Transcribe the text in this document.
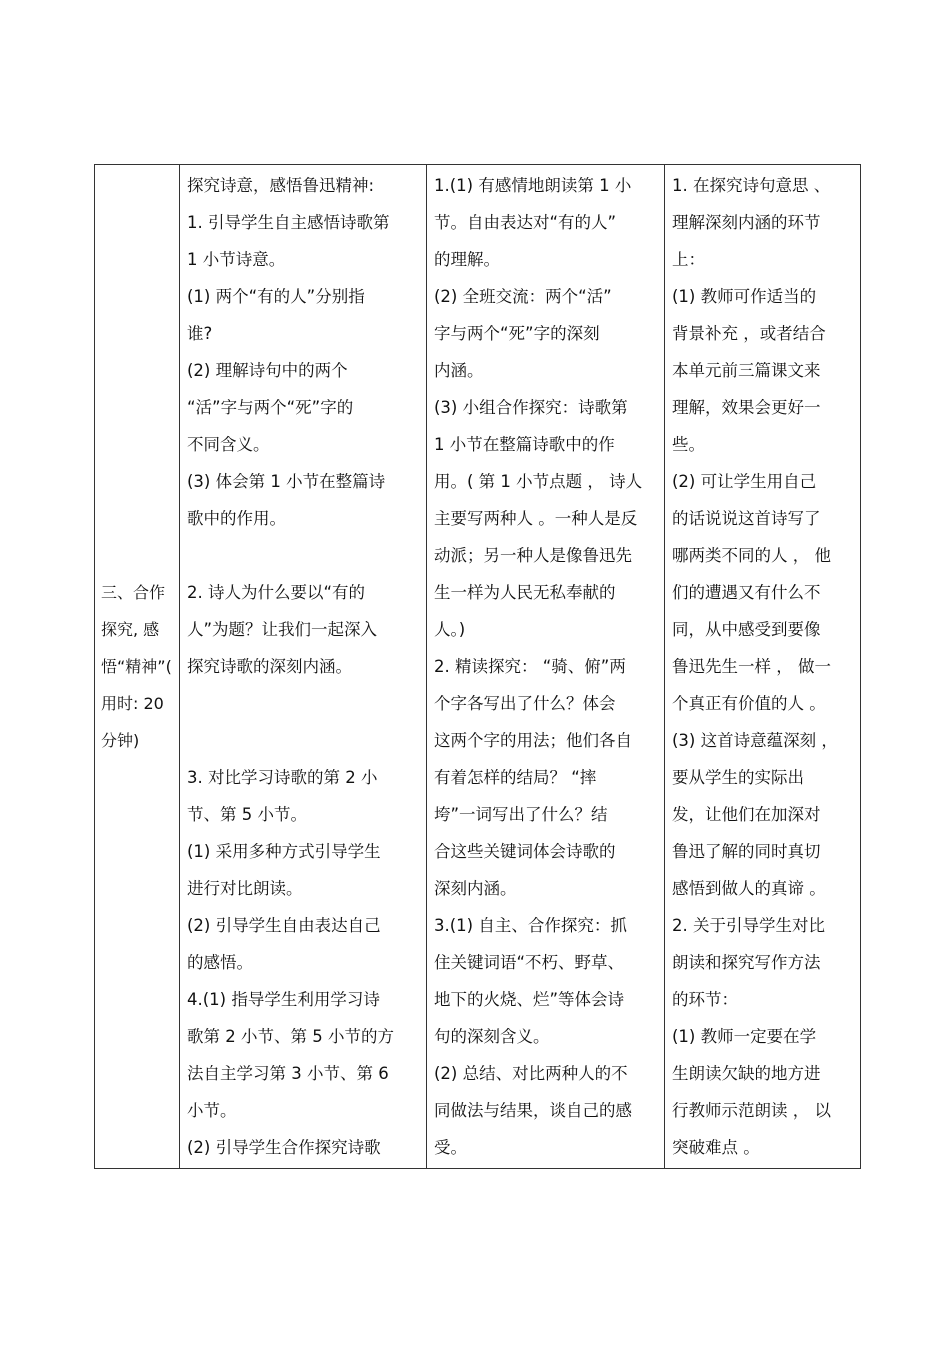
三、合作探究, 感悟“精神”( 用时: 20 分钟)

探究诗意，感悟鲁迅精神:
1. 引导学生自主感悟诗歌第
1 小节诗意。
(1) 两个“有的人”分别指
谁?
(2) 理解诗句中的两个
“活”字与两个“死”字的
不同含义。
(3) 体会第 1 小节在整篇诗
歌中的作用。
2. 诗人为什么要以“有的
人”为题？让我们一起深入
探究诗歌的深刻内涵。
3. 对比学习诗歌的第 2 小
节、第 5 小节。
(1) 采用多种方式引导学生
进行对比朗读。
(2) 引导学生自由表达自己
的感悟。
4.(1) 指导学生利用学习诗
歌第 2 小节、第 5 小节的方
法自主学习第 3 小节、第 6
小节。
(2) 引导学生合作探究诗歌

1.(1) 有感情地朗读第 1 小
节。自由表达对“有的人”
的理解。
(2) 全班交流：两个“活”
字与两个“死”字的深刻
内涵。
(3) 小组合作探究：诗歌第
1 小节在整篇诗歌中的作
用。( 第 1 小节点题 ， 诗人
主要写两种人 。一种人是反
动派；另一种人是像鲁迅先
生一样为人民无私奉献的
人。)
2. 精读探究： “骑、俯”两
个字各写出了什么？体会
这两个字的用法；他们各自
有着怎样的结局？ “摔
垮”一词写出了什么？结
合这些关键词体会诗歌的
深刻内涵。
3.(1) 自主、合作探究：抓
住关键词语“不朽、野草、
地下的火烧、烂”等体会诗
句的深刻含义。
(2) 总结、对比两种人的不
同做法与结果，谈自己的感
受。

1. 在探究诗句意思 、
理解深刻内涵的环节
上：
(1) 教师可作适当的
背景补充 ，或者结合
本单元前三篇课文来
理解，效果会更好一
些。
(2) 可让学生用自己
的话说说这首诗写了
哪两类不同的人 ， 他
们的遭遇又有什么不
同，从中感受到要像
鲁迅先生一样 ， 做一
个真正有价值的人 。
(3) 这首诗意蕴深刻 ，
要从学生的实际出
发，让他们在加深对
鲁迅了解的同时真切
感悟到做人的真谛 。
2. 关于引导学生对比
朗读和探究写作方法
的环节：
(1) 教师一定要在学
生朗读欠缺的地方进
行教师示范朗读 ， 以
突破难点 。
